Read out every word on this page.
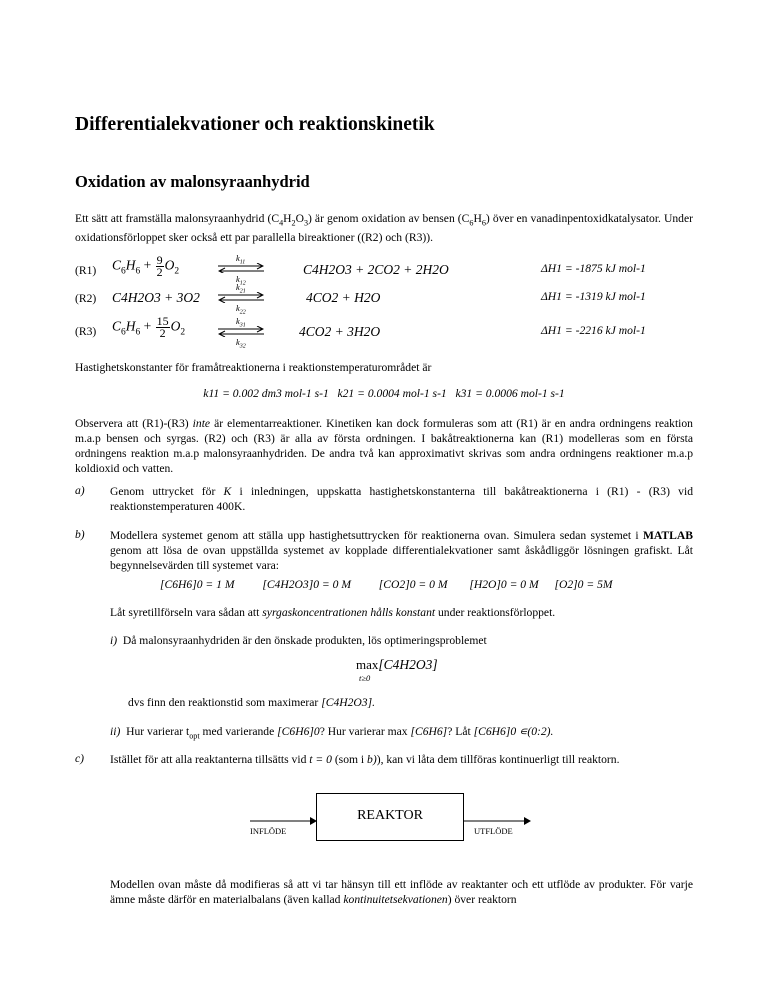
Differentialekvationer och reaktionskinetik
Oxidation av malonsyraanhydrid
Ett sätt att framställa malonsyraanhydrid $(C_4H_2O_3)$ är genom oxidation av bensen $(C_6H_6)$ över en vanadinpentoxidkatalysator. Under oxidationsförloppet sker också ett par parallella bireaktioner ((R2) och (R3)).
(R1) $C_6H_6 + \frac{9}{2} O_2$
$k_{11}$
$k_{12}$
C4H2O3 + 2CO2 + 2H2O	ΔH1 = -1875 kJ mol-1
(R2) C4H2O3 + 3O2
$k_{21}$
$k_{22}$
4CO2 + H2O	ΔH1 = -1319 kJ mol-1
(R3) $C_6H_6 + \frac{15}{2} O_2$
$k_{31}$
$k_{32}$
4CO2 + 3H2O	ΔH1 = -2216 kJ mol-1
Hastighetskonstanter för framåtreaktionerna i reaktionstemperaturområdet är
k11 = 0.002 dm3 mol-1 s-1 k21 = 0.0004 mol-1 s-1 k31 = 0.0006 mol-1 s-1
Observera att (R1)-(R3) inte är elementarreaktioner. Kinetiken kan dock formuleras som att (R1) är en andra ordningens reaktion m.a.p bensen och syrgas. (R2) och (R3) är alla av första ordningen. I bakåtreaktionerna kan (R1) modelleras som en första ordningens reaktion m.a.p malonsyraanhydriden. De andra två kan approximativt skrivas som andra ordningens reaktioner m.a.p koldioxid och vatten.
a) Genom uttrycket för K i inledningen, uppskatta hastighetskonstanterna till bakåtreaktionerna i (R1) - (R3) vid reaktionstemperaturen 400K.
b) Modellera systemet genom att ställa upp hastighetsuttrycken för reaktionerna ovan. Simulera sedan systemet i MATLAB genom att lösa de ovan uppställda systemet av kopplade differentialekvationer samt åskådliggör lösningen grafiskt. Låt begynnelsevärden till systemet vara:
[C6H6]0 = 1 M [C4H2O3]0 = 0 M [CO2]0 = 0 M [H2O]0 = 0 M [O2]0 = 5M
Låt syretillförseln vara sådan att syrgaskoncentrationen hålls konstant under reaktionsförloppet.
i) Då malonsyraanhydriden är den önskade produkten, lös optimeringsproblemet
max[C4H2O3]
t≥0
dvs finn den reaktionstid som maximerar [C4H2O3].
ii) Hur varierar $t_{opt}$ med varierande [C6H6]0? Hur varierar max [C6H6]? Låt [C6H6]0 ∊(0:2).
c) Istället för att alla reaktanterna tillsätts vid t = 0 (som i b)), kan vi låta dem tillföras kontinuerligt till reaktorn.
REAKTOR
INFLÖDE	UTFLÖDE
Modellen ovan måste då modifieras så att vi tar hänsyn till ett inflöde av reaktanter och ett utflöde av produkter. För varje ämne måste därför en materialbalans (även kallad kontinuitetsekvationen) över reaktorn
